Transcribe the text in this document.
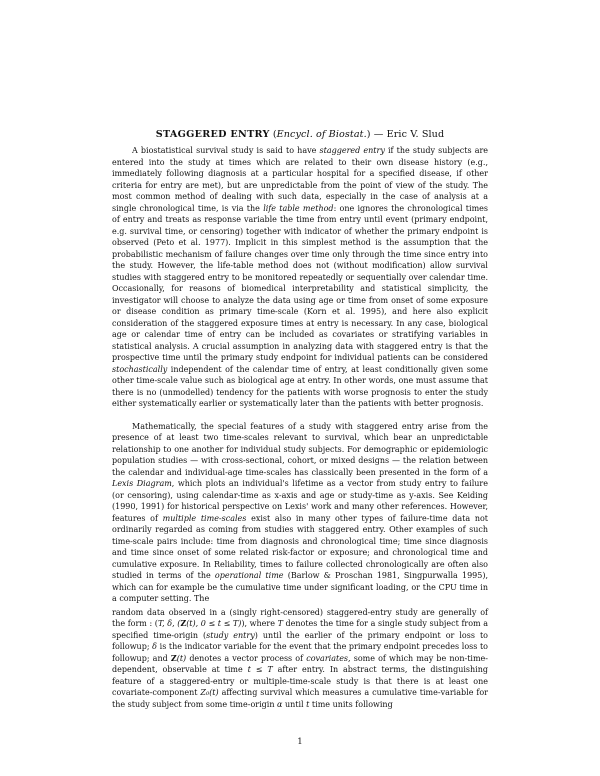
STAGGERED ENTRY (Encycl. of Biostat.) — Eric V. Slud

A biostatistical survival study is said to have staggered entry if the study subjects are entered into the study at times which are related to their own disease history (e.g., immediately following diagnosis at a particular hospital for a specified disease, if other criteria for entry are met), but are unpredictable from the point of view of the study. The most common method of dealing with such data, especially in the case of analysis at a single chronological time, is via the life table method: one ignores the chronological times of entry and treats as response variable the time from entry until event (primary endpoint, e.g. survival time, or censoring) together with indicator of whether the primary endpoint is observed (Peto et al. 1977). Implicit in this simplest method is the assumption that the probabilistic mechanism of failure changes over time only through the time since entry into the study. However, the life-table method does not (without modification) allow survival studies with staggered entry to be monitored repeatedly or sequentially over calendar time. Occasionally, for reasons of biomedical interpretability and statistical simplicity, the investigator will choose to analyze the data using age or time from onset of some exposure or disease condition as primary time-scale (Korn et al. 1995), and here also explicit consideration of the staggered exposure times at entry is necessary. In any case, biological age or calendar time of entry can be included as covariates or stratifying variables in statistical analysis. A crucial assumption in analyzing data with staggered entry is that the prospective time until the primary study endpoint for individual patients can be considered stochastically independent of the calendar time of entry, at least conditionally given some other time-scale value such as biological age at entry. In other words, one must assume that there is no (unmodelled) tendency for the patients with worse prognosis to enter the study either systematically earlier or systematically later than the patients with better prognosis.

Mathematically, the special features of a study with staggered entry arise from the presence of at least two time-scales relevant to survival, which bear an unpredictable relationship to one another for individual study subjects. For demographic or epidemiologic population studies — with cross-sectional, cohort, or mixed designs — the relation between the calendar and individual-age time-scales has classically been presented in the form of a Lexis Diagram, which plots an individual's lifetime as a vector from study entry to failure (or censoring), using calendar-time as x-axis and age or study-time as y-axis. See Keiding (1990, 1991) for historical perspective on Lexis' work and many other references. However, features of multiple time-scales exist also in many other types of failure-time data not ordinarily regarded as coming from studies with staggered entry. Other examples of such time-scale pairs include: time from diagnosis and chronological time; time since diagnosis and time since onset of some related risk-factor or exposure; and chronological time and cumulative exposure. In Reliability, times to failure collected chronologically are often also studied in terms of the operational time (Barlow & Proschan 1981, Singpurwalla 1995), which can for example be the cumulative time under significant loading, or the CPU time in a computer setting. The

random data observed in a (singly right-censored) staggered-entry study are generally of the form : (T, δ, (Z(t), 0 ≤ t ≤ T)), where T denotes the time for a single study subject from a specified time-origin (study entry) until the earlier of the primary endpoint or loss to followup; δ is the indicator variable for the event that the primary endpoint precedes loss to followup; and Z(t) denotes a vector process of covariates, some of which may be non-time-dependent, observable at time t ≤ T after entry. In abstract terms, the distinguishing feature of a staggered-entry or multiple-time-scale study is that there is at least one covariate-component Z₀(t) affecting survival which measures a cumulative time-variable for the study subject from some time-origin α until t time units following

1
